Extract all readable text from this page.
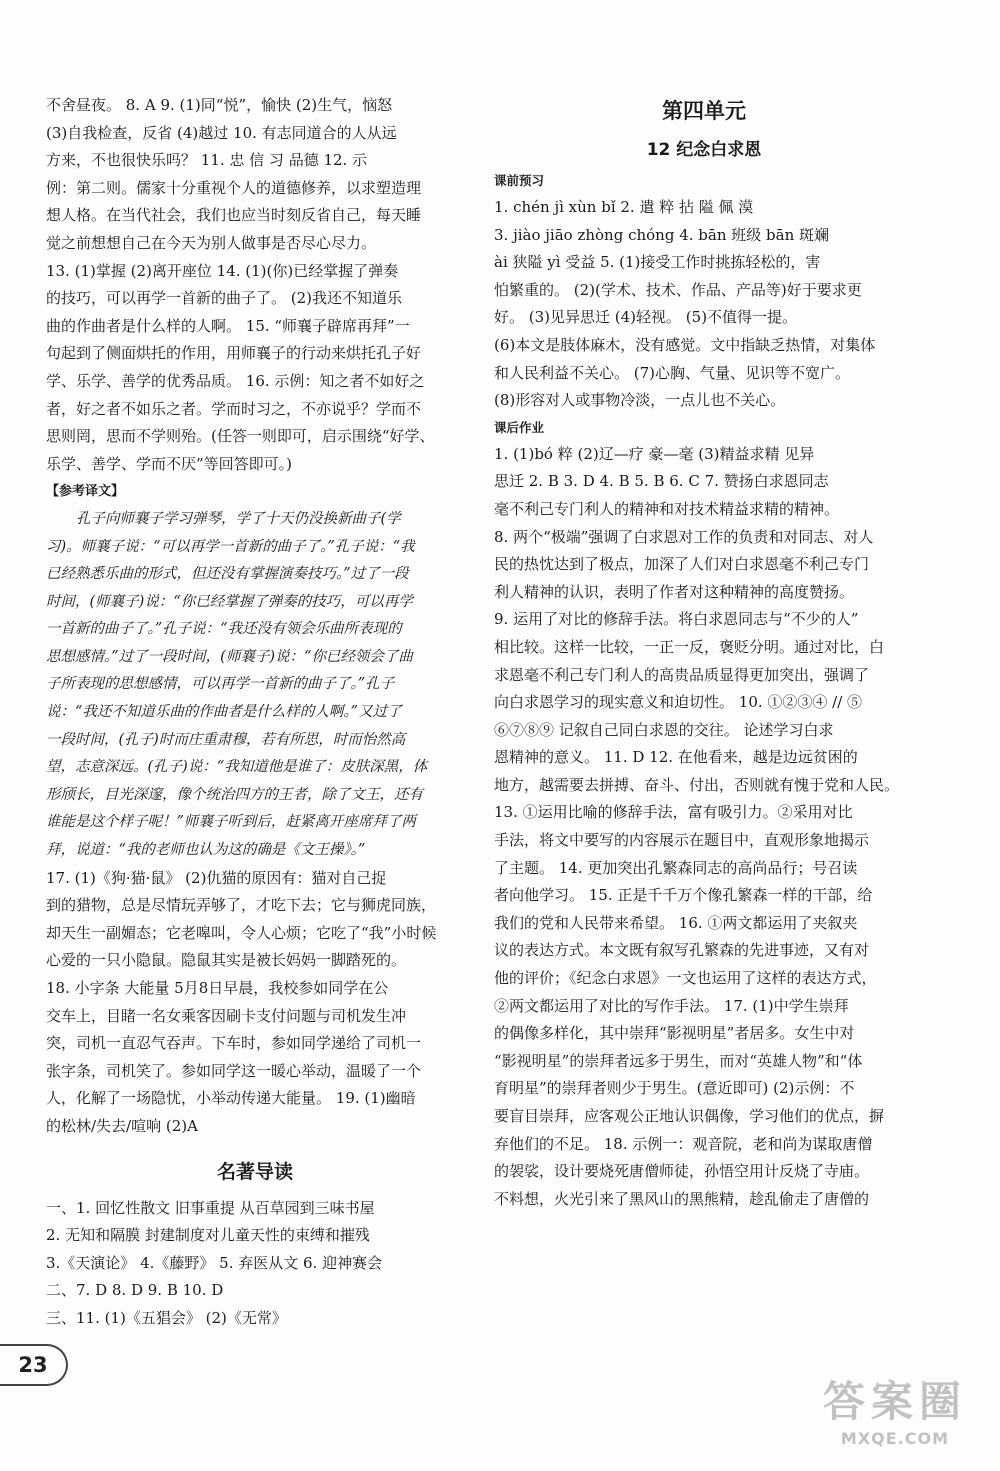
不舍昼夜。 8. A 9. (1)同“悦”，愉快 (2)生气，恼怒

(3)自我检查，反省 (4)越过 10. 有志同道合的人从远

方来，不也很快乐吗？ 11. 忠 信 习 品德 12. 示

例：第二则。儒家十分重视个人的道德修养，以求塑造理

想人格。在当代社会，我们也应当时刻反省自己，每天睡

觉之前想想自己在今天为别人做事是否尽心尽力。

13. (1)掌握 (2)离开座位 14. (1)(你)已经掌握了弹奏

的技巧，可以再学一首新的曲子了。 (2)我还不知道乐

曲的作曲者是什么样的人啊。 15. “师襄子辟席再拜”一

句起到了侧面烘托的作用，用师襄子的行动来烘托孔子好

学、乐学、善学的优秀品质。 16. 示例：知之者不如好之

者，好之者不如乐之者。学而时习之，不亦说乎？学而不

思则罔，思而不学则殆。(任答一则即可，启示围绕“好学、

乐学、善学、学而不厌”等回答即可。)

【参考译文】

孔子向师襄子学习弹琴，学了十天仍没换新曲子(学

习)。师襄子说：“可以再学一首新的曲子了。”孔子说：“我

已经熟悉乐曲的形式，但还没有掌握演奏技巧。”过了一段

时间，(师襄子)说：“你已经掌握了弹奏的技巧，可以再学

一首新的曲子了。”孔子说：“我还没有领会乐曲所表现的

思想感情。”过了一段时间，(师襄子)说：“你已经领会了曲

子所表现的思想感情，可以再学一首新的曲子了。”孔子

说：“我还不知道乐曲的作曲者是什么样的人啊。”又过了

一段时间，(孔子)时而庄重肃穆，若有所思，时而怡然高

望，志意深远。(孔子)说：“我知道他是谁了：皮肤深黑，体

形颀长，目光深邃，像个统治四方的王者，除了文王，还有

谁能是这个样子呢！”师襄子听到后，赶紧离开座席拜了两

拜，说道：“我的老师也认为这的确是《文王操》。”

17. (1)《狗·猫·鼠》 (2)仇猫的原因有：猫对自己捉

到的猎物，总是尽情玩弄够了，才吃下去；它与狮虎同族，

却天生一副媚态；它老嗥叫，令人心烦；它吃了“我”小时候

心爱的一只小隐鼠。隐鼠其实是被长妈妈一脚踏死的。

18. 小字条 大能量 5月8日早晨，我校参如同学在公

交车上，目睹一名女乘客因刷卡支付问题与司机发生冲

突，司机一直忍气吞声。下车时，参如同学递给了司机一

张字条，司机笑了。参如同学这一暖心举动，温暖了一个

人，化解了一场隐忧，小举动传递大能量。 19. (1)幽暗

的松林/失去/喧响 (2)A

名著导读

一、1. 回忆性散文 旧事重提 从百草园到三味书屋

2. 无知和隔膜 封建制度对儿童天性的束缚和摧残

3.《天演论》 4.《藤野》 5. 弃医从文 6. 迎神赛会

二、7. D 8. D 9. B 10. D

三、11. (1)《五猖会》 (2)《无常》

第四单元
12 纪念白求恩

课前预习

1. chén jì xùn bǐ 2. 遣 粹 拈 隘 佩 漠

3. jiào jiāo zhòng chóng 4. bān 班级 bān 斑斓

ài 狭隘 yì 受益 5. (1)接受工作时挑拣轻松的，害

怕繁重的。 (2)(学术、技术、作品、产品等)好于要求更

好。 (3)见异思迁 (4)轻视。 (5)不值得一提。

(6)本文是肢体麻木，没有感觉。文中指缺乏热情，对集体

和人民利益不关心。 (7)心胸、气量、见识等不宽广。

(8)形容对人或事物冷淡，一点儿也不关心。

课后作业

1. (1)bó 粹 (2)辽—疗 豪—毫 (3)精益求精 见异

思迁 2. B 3. D 4. B 5. B 6. C 7. 赞扬白求恩同志

毫不利己专门利人的精神和对技术精益求精的精神。

8. 两个“极端”强调了白求恩对工作的负责和对同志、对人

民的热忱达到了极点，加深了人们对白求恩毫不利己专门

利人精神的认识，表明了作者对这种精神的高度赞扬。

9. 运用了对比的修辞手法。将白求恩同志与“不少的人”

相比较。这样一比较，一正一反，褒贬分明。通过对比，白

求恩毫不利己专门利人的高贵品质显得更加突出，强调了

向白求恩学习的现实意义和迫切性。 10. ①②③④ // ⑤

⑥⑦⑧⑨ 记叙自己同白求恩的交往。 论述学习白求

恩精神的意义。 11. D 12. 在他看来，越是边远贫困的

地方，越需要去拼搏、奋斗、付出，否则就有愧于党和人民。

13. ①运用比喻的修辞手法，富有吸引力。②采用对比

手法，将文中要写的内容展示在题目中，直观形象地揭示

了主题。 14. 更加突出孔繁森同志的高尚品行；号召读

者向他学习。 15. 正是千千万个像孔繁森一样的干部，给

我们的党和人民带来希望。 16. ①两文都运用了夹叙夹

议的表达方式。本文既有叙写孔繁森的先进事迹，又有对

他的评价；《纪念白求恩》一文也运用了这样的表达方式，

②两文都运用了对比的写作手法。 17. (1)中学生崇拜

的偶像多样化，其中崇拜“影视明星”者居多。女生中对

“影视明星”的崇拜者远多于男生，而对“英雄人物”和“体

育明星”的崇拜者则少于男生。(意近即可) (2)示例：不

要盲目崇拜，应客观公正地认识偶像，学习他们的优点，摒

弃他们的不足。 18. 示例一：观音院，老和尚为谋取唐僧

的袈裟，设计要烧死唐僧师徒，孙悟空用计反烧了寺庙。

不料想，火光引来了黑风山的黑熊精，趁乱偷走了唐僧的

23
答案圈
MXQE.COM
